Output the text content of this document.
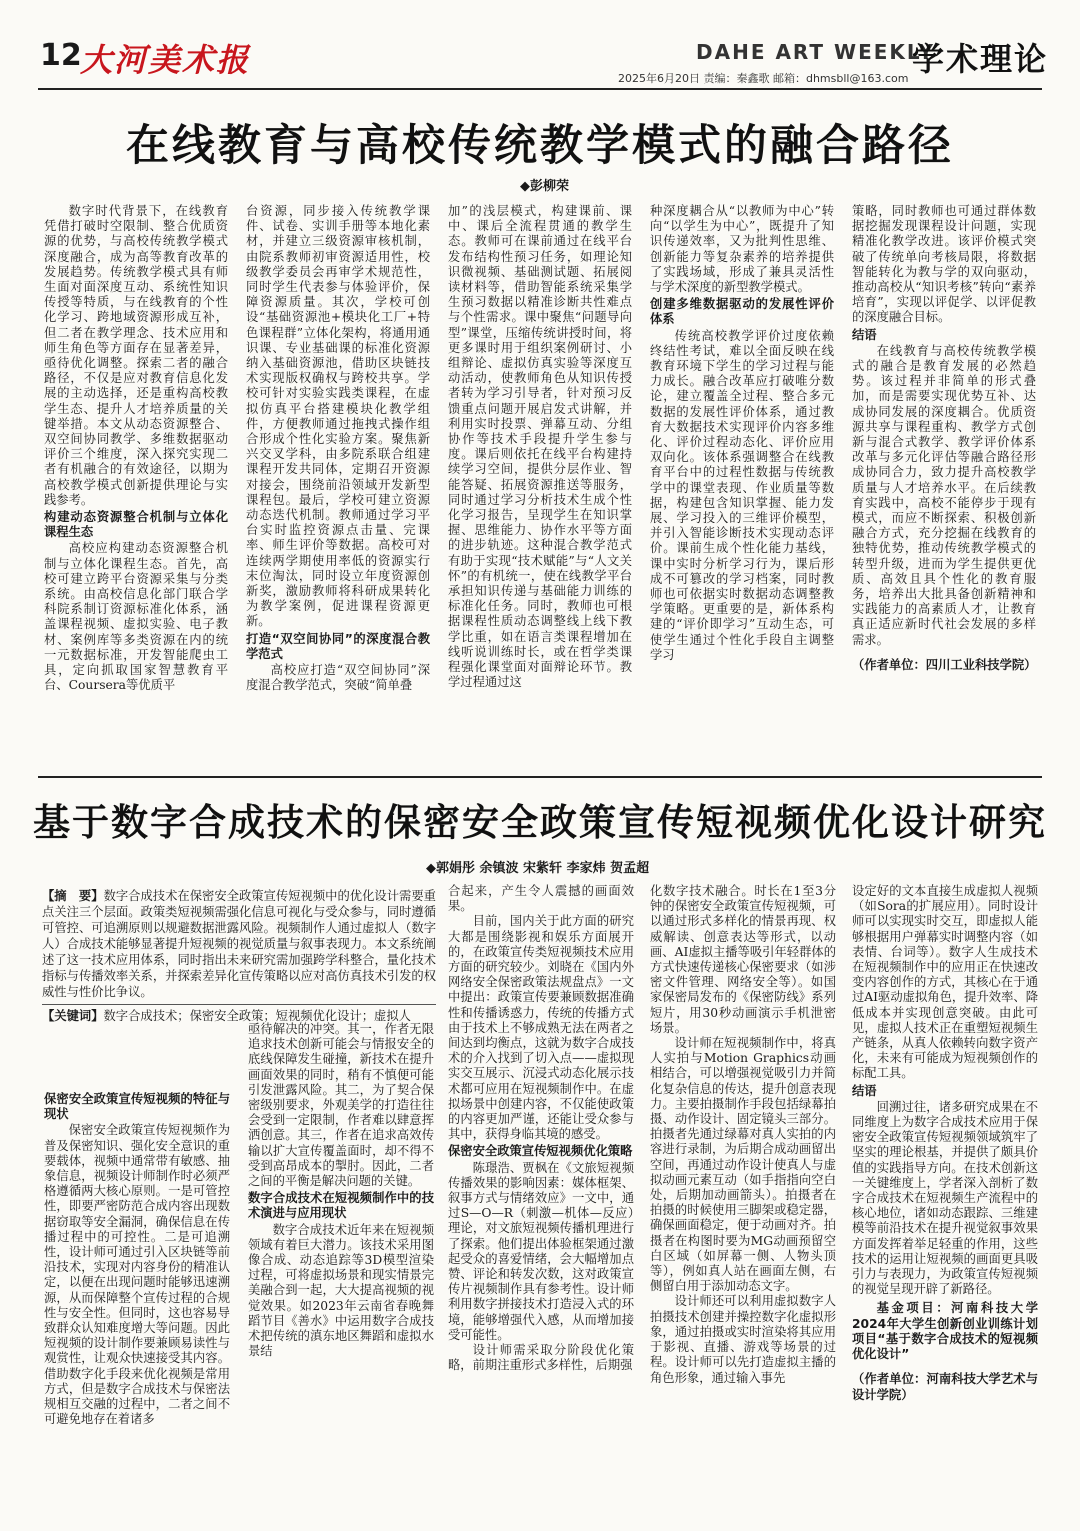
12
大河美术报	DAHE ART WEEKLY
学术理论
2025年6月20日 责编：秦鑫歌 邮箱：dhmsbll@163.com
在线教育与高校传统教学模式的融合路径
◆彭柳荣

数字时代背景下，在线教育凭借打破时空限制、整合优质资源的优势，与高校传统教学模式深度融合，成为高等教育改革的发展趋势。传统教学模式具有师生面对面深度互动、系统性知识传授等特质，与在线教育的个性化学习、跨地域资源形成互补，但二者在教学理念、技术应用和师生角色等方面存在显著差异，亟待优化调整。探索二者的融合路径，不仅是应对教育信息化发展的主动选择，还是重构高校教学生态、提升人才培养质量的关键举措。本文从动态资源整合、双空间协同教学、多维数据驱动评价三个维度，深入探究实现二者有机融合的有效途径，以期为高校教学模式创新提供理论与实践参考。

构建动态资源整合机制与立体化课程生态

高校应构建动态资源整合机制与立体化课程生态。首先，高校可建立跨平台资源采集与分类系统。由高校信息化部门联合学科院系制订资源标准化体系，涵盖课程视频、虚拟实验、电子教材、案例库等多类资源在内的统一元数据标准，开发智能爬虫工具，定向抓取国家智慧教育平台、Coursera等优质平

台资源，同步接入传统教学课件、试卷、实训手册等本地化素材，并建立三级资源审核机制，由院系教师初审资源适用性，校级教学委员会再审学术规范性，同时学生代表参与体验评价，保障资源质量。其次，学校可创设“基础资源池+模块化工厂+特色课程群”立体化架构，将通用通识课、专业基础课的标准化资源纳入基础资源池，借助区块链技术实现版权确权与跨校共享。学校可针对实验实践类课程，在虚拟仿真平台搭建模块化教学组件，方便教师通过拖拽式操作组合形成个性化实验方案。聚焦新兴交叉学科，由多院系联合组建课程开发共同体，定期召开资源对接会，围绕前沿领域开发新型课程包。最后，学校可建立资源动态迭代机制。教师通过学习平台实时监控资源点击量、完课率、师生评价等数据。高校可对连续两学期使用率低的资源实行末位淘汰，同时设立年度资源创新奖，激励教师将科研成果转化为教学案例，促进课程资源更新。

打造“双空间协同”的深度混合教学范式

高校应打造“双空间协同”深度混合教学范式，突破“简单叠

加”的浅层模式，构建课前、课中、课后全流程贯通的教学生态。教师可在课前通过在线平台发布结构性预习任务，如理论知识微视频、基础测试题、拓展阅读材料等，借助智能系统采集学生预习数据以精准诊断共性难点与个性需求。课中聚焦“问题导向型”课堂，压缩传统讲授时间，将更多课时用于组织案例研讨、小组辩论、虚拟仿真实验等深度互动活动，使教师角色从知识传授者转为学习引导者，针对预习反馈重点问题开展启发式讲解，并利用实时投票、弹幕互动、分组协作等技术手段提升学生参与度。课后则依托在线平台构建持续学习空间，提供分层作业、智能答疑、拓展资源推送等服务，同时通过学习分析技术生成个性化学习报告，呈现学生在知识掌握、思维能力、协作水平等方面的进步轨迹。这种混合教学范式有助于实现“技术赋能”与“人文关怀”的有机统一，使在线教学平台承担知识传递与基础能力训练的标准化任务。同时，教师也可根据课程性质动态调整线上线下教学比重，如在语言类课程增加在线听说训练时长，或在哲学类课程强化课堂面对面辩论环节。教学过程通过这

种深度耦合从“以教师为中心”转向“以学生为中心”，既提升了知识传递效率，又为批判性思维、创新能力等复杂素养的培养提供了实践场域，形成了兼具灵活性与学术深度的新型教学模式。

创建多维数据驱动的发展性评价体系

传统高校教学评价过度依赖终结性考试，难以全面反映在线教育环境下学生的学习过程与能力成长。融合改革应打破唯分数论，建立覆盖全过程、整合多元数据的发展性评价体系，通过教育大数据技术实现评价内容多维化、评价过程动态化、评价应用双向化。该体系强调整合在线教育平台中的过程性数据与传统教学中的课堂表现、作业质量等数据，构建包含知识掌握、能力发展、学习投入的三维评价模型，并引入智能诊断技术实现动态评价。课前生成个性化能力基线，课中实时分析学习行为，课后形成不可篡改的学习档案，同时教师也可依据实时数据动态调整教学策略。更重要的是，新体系构建的“评价即学习”互动生态，可使学生通过个性化手段自主调整学习

策略，同时教师也可通过群体数据挖掘发现课程设计问题，实现精准化教学改进。该评价模式突破了传统单向考核局限，将数据智能转化为教与学的双向驱动，推动高校从“知识考核”转向“素养培育”，实现以评促学、以评促教的深度融合目标。

结语

在线教育与高校传统教学模式的融合是教育发展的必然趋势。该过程并非简单的形式叠加，而是需要实现优势互补、达成协同发展的深度耦合。优质资源共享与课程重构、教学方式创新与混合式教学、教学评价体系改革与多元化评估等融合路径形成协同合力，致力提升高校教学质量与人才培养水平。在后续教育实践中，高校不能停步于现有模式，而应不断探索、积极创新融合方式，充分挖掘在线教育的独特优势，推动传统教学模式的转型升级，进而为学生提供更优质、高效且具个性化的教育服务，培养出大批具备创新精神和实践能力的高素质人才，让教育真正适应新时代社会发展的多样需求。

（作者单位：四川工业科技学院）

基于数字合成技术的保密安全政策宣传短视频优化设计研究
◆郭娟彤 余镇波 宋紫轩 李家炜 贺孟超

【摘　要】数字合成技术在保密安全政策宣传短视频中的优化设计需要重点关注三个层面。政策类短视频需强化信息可视化与受众参与，同时遵循可管控、可追溯原则以规避数据泄露风险。视频制作人通过虚拟人（数字人）合成技术能够显著提升短视频的视觉质量与叙事表现力。本文系统阐述了这一技术应用体系，同时指出未来研究需加强跨学科整合，量化技术指标与传播效率关系，并探索差异化宣传策略以应对高仿真技术引发的权威性与性价比争议。

【关键词】数字合成技术；保密安全政策；短视频优化设计；虚拟人

保密安全政策宣传短视频的特征与现状

保密安全政策宣传短视频作为普及保密知识、强化安全意识的重要载体，视频中通常带有敏感、抽象信息，视频设计师制作时必须严格遵循两大核心原则。一是可管控性，即要严密防范合成内容出现数据窃取等安全漏洞，确保信息在传播过程中的可控性。二是可追溯性，设计师可通过引入区块链等前沿技术，实现对内容身份的精准认定，以便在出现问题时能够迅速溯源，从而保障整个宣传过程的合规性与安全性。但同时，这也容易导致群众认知难度增大等问题。因此短视频的设计制作要兼顾易读性与观赏性，让观众快速接受其内容。借助数字化手段来优化视频是常用方式，但是数字合成技术与保密法规相互交融的过程中，二者之间不可避免地存在着诸多

亟待解决的冲突。其一，作者无限追求技术创新可能会与情报安全的底线保障发生碰撞，新技术在提升画面效果的同时，稍有不慎便可能引发泄露风险。其二，为了契合保密级别要求，外观美学的打造往往会受到一定限制，作者难以肆意挥洒创意。其三，作者在追求高效传输以扩大宣传覆盖面时，却不得不受到高昂成本的掣肘。因此，二者之间的平衡是解决问题的关键。

数字合成技术在短视频制作中的技术演进与应用现状

数字合成技术近年来在短视频领域有着巨大潜力。该技术采用图像合成、动态追踪等3D模型渲染过程，可将虚拟场景和现实情景完美融合到一起，大大提高视频的视觉效果。如2023年云南省春晚舞蹈节目《善水》中运用数字合成技术把传统的滇东地区舞蹈和虚拟水景结

合起来，产生令人震撼的画面效果。

目前，国内关于此方面的研究大都是围绕影视和娱乐方面展开的，在政策宣传类短视频技术应用方面的研究较少。刘晓在《国内外网络安全保密政策法规盘点》一文中提出：政策宣传要兼顾数据准确性和传播诱惑力，传统的传播方式由于技术上不够成熟无法在两者之间达到均衡点，这就为数字合成技术的介入找到了切入点——虚拟现实交互展示、沉浸式动态化展示技术都可应用在短视频制作中。在虚拟场景中创建内容，不仅能使政策的内容更加严谨，还能让受众参与其中，获得身临其境的感受。

保密安全政策宣传短视频优化策略

陈璟浩、贾枫在《文旅短视频传播效果的影响因素：媒体框架、叙事方式与情绪效应》一文中，通过S—O—R（刺激—机体—反应）理论，对文旅短视频传播机理进行了探索。他们提出体验框架通过激起受众的喜爱情绪，会大幅增加点赞、评论和转发次数，这对政策宣传片视频制作具有参考性。设计师利用数字拼接技术打造浸入式的环境，能够增强代入感，从而增加接受可能性。

设计师需采取分阶段优化策略，前期注重形式多样性，后期强

化数字技术融合。时长在1至3分钟的保密安全政策宣传短视频，可以通过形式多样化的情景再现、权威解读、创意表达等形式，以动画、AI虚拟主播等吸引年轻群体的方式快速传递核心保密要求（如涉密文件管理、网络安全等）。如国家保密局发布的《保密防线》系列短片，用30秒动画演示手机泄密场景。

设计师在短视频制作中，将真人实拍与Motion Graphics动画相结合，可以增强视觉吸引力并简化复杂信息的传达，提升创意表现力。主要拍摄制作手段包括绿幕拍摄、动作设计、固定镜头三部分。拍摄者先通过绿幕对真人实拍的内容进行录制，为后期合成动画留出空间，再通过动作设计使真人与虚拟动画元素互动（如手指指向空白处，后期加动画箭头）。拍摄者在拍摄的时候使用三脚架或稳定器，确保画面稳定，便于动画对齐。拍摄者在构图时要为MG动画预留空白区域（如屏幕一侧、人物头顶等），例如真人站在画面左侧，右侧留白用于添加动态文字。

设计师还可以利用虚拟数字人拍摄技术创建并操控数字化虚拟形象，通过拍摄或实时渲染将其应用于影视、直播、游戏等场景的过程。设计师可以先打造虚拟主播的角色形象，通过输入事先

设定好的文本直接生成虚拟人视频（如Sora的扩展应用）。同时设计师可以实现实时交互，即虚拟人能够根据用户弹幕实时调整内容（如表情、台词等）。数字人生成技术在短视频制作中的应用正在快速改变内容创作的方式，其核心在于通过AI驱动虚拟角色，提升效率、降低成本并实现创意突破。由此可见，虚拟人技术正在重塑短视频生产链条，从真人依赖转向数字资产化，未来有可能成为短视频创作的标配工具。

结语

回溯过往，诸多研究成果在不同维度上为数字合成技术应用于保密安全政策宣传短视频领域筑牢了坚实的理论根基，并提供了颇具价值的实践指导方向。在技术创新这一关键维度上，学者深入剖析了数字合成技术在短视频生产流程中的核心地位，诸如动态跟踪、三维建模等前沿技术在提升视觉叙事效果方面发挥着举足轻重的作用，这些技术的运用让短视频的画面更具吸引力与表现力，为政策宣传短视频的视觉呈现开辟了新路径。

基金项目：河南科技大学2024年大学生创新创业训练计划项目“基于数字合成技术的短视频优化设计”

（作者单位：河南科技大学艺术与设计学院）
